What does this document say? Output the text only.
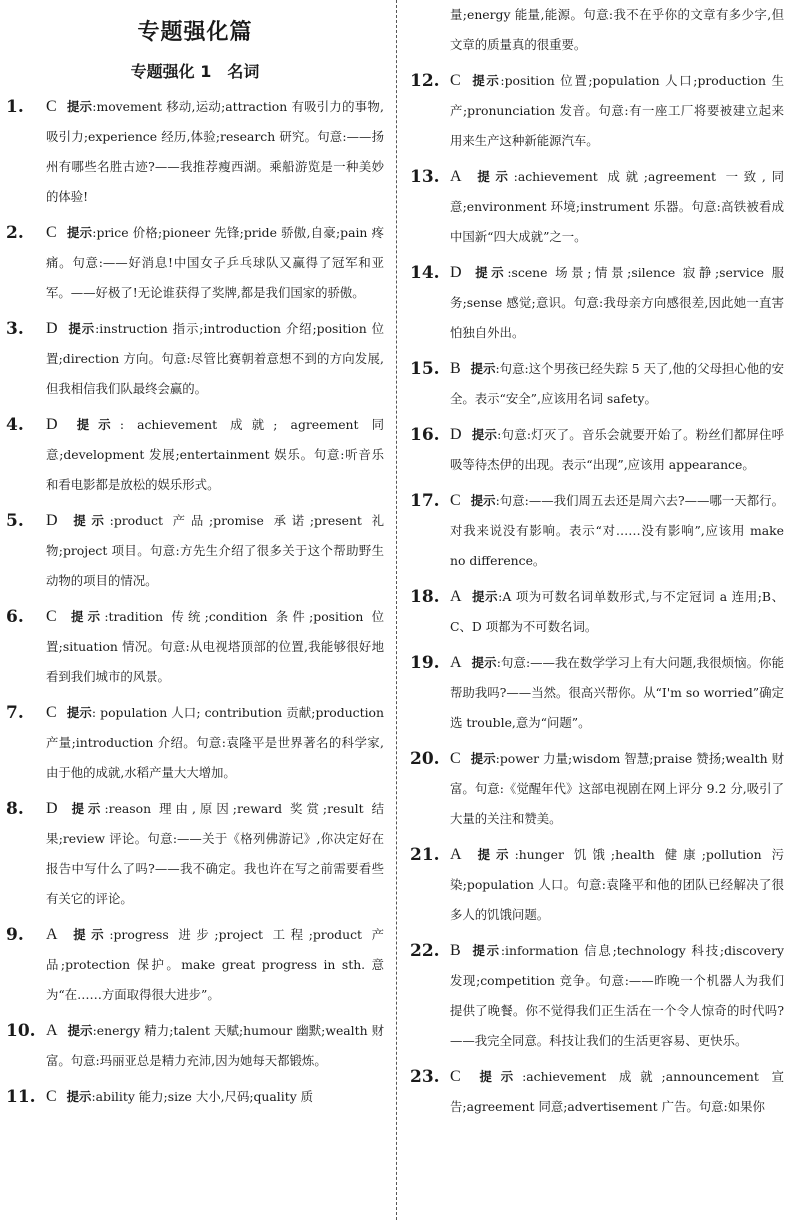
专题强化篇
专题强化 1 名词
1. C 提示:movement 移动,运动;attraction 有吸引力的事物,吸引力;experience 经历,体验;research 研究。句意:——扬州有哪些名胜古迹?——我推荐瘦西湖。乘船游览是一种美妙的体验!
2. C 提示:price 价格;pioneer 先锋;pride 骄傲,自豪;pain 疼痛。句意:——好消息!中国女子乒乓球队又赢得了冠军和亚军。——好极了!无论谁获得了奖牌,都是我们国家的骄傲。
3. D 提示:instruction 指示;introduction 介绍;position 位置;direction 方向。句意:尽管比赛朝着意想不到的方向发展,但我相信我们队最终会赢的。
4. D 提示: achievement 成就; agreement 同意;development 发展;entertainment 娱乐。句意:听音乐和看电影都是放松的娱乐形式。
5. D 提示:product 产品;promise 承诺;present 礼物;project 项目。句意:方先生介绍了很多关于这个帮助野生动物的项目的情况。
6. C 提示:tradition 传统;condition 条件;position 位置;situation 情况。句意:从电视塔顶部的位置,我能够很好地看到我们城市的风景。
7. C 提示: population 人口; contribution 贡献;production 产量;introduction 介绍。句意:袁隆平是世界著名的科学家,由于他的成就,水稻产量大大增加。
8. D 提示:reason 理由,原因;reward 奖赏;result 结果;review 评论。句意:——关于《格列佛游记》,你决定好在报告中写什么了吗?——我不确定。我也许在写之前需要看些有关它的评论。
9. A 提示:progress 进步;project 工程;product 产品;protection 保护。make great progress in sth. 意为“在……方面取得很大进步”。
10. A 提示:energy 精力;talent 天赋;humour 幽默;wealth 财富。句意:玛丽亚总是精力充沛,因为她每天都锻炼。
11. C 提示:ability 能力;size 大小,尺码;quality 质
量;energy 能量,能源。句意:我不在乎你的文章有多少字,但文章的质量真的很重要。
12. C 提示:position 位置;population 人口;production 生产;pronunciation 发音。句意:有一座工厂将要被建立起来用来生产这种新能源汽车。
13. A 提示:achievement 成就;agreement 一致,同意;environment 环境;instrument 乐器。句意:高铁被看成中国新“四大成就”之一。
14. D 提示:scene 场景;情景;silence 寂静;service 服务;sense 感觉;意识。句意:我母亲方向感很差,因此她一直害怕独自外出。
15. B 提示:句意:这个男孩已经失踪 5 天了,他的父母担心他的安全。表示“安全”,应该用名词 safety。
16. D 提示:句意:灯灭了。音乐会就要开始了。粉丝们都屏住呼吸等待杰伊的出现。表示“出现”,应该用 appearance。
17. C 提示:句意:——我们周五去还是周六去?——哪一天都行。对我来说没有影响。表示“对……没有影响”,应该用 make no difference。
18. A 提示:A 项为可数名词单数形式,与不定冠词 a 连用;B、C、D 项都为不可数名词。
19. A 提示:句意:——我在数学学习上有大问题,我很烦恼。你能帮助我吗?——当然。很高兴帮你。从“I'm so worried”确定选 trouble,意为“问题”。
20. C 提示:power 力量;wisdom 智慧;praise 赞扬;wealth 财富。句意:《觉醒年代》这部电视剧在网上评分 9.2 分,吸引了大量的关注和赞美。
21. A 提示:hunger 饥饿;health 健康;pollution 污染;population 人口。句意:袁隆平和他的团队已经解决了很多人的饥饿问题。
22. B 提示:information 信息;technology 科技;discovery 发现;competition 竞争。句意:——昨晚一个机器人为我们提供了晚餐。你不觉得我们正生活在一个令人惊奇的时代吗?——我完全同意。科技让我们的生活更容易、更快乐。
23. C 提示:achievement 成就;announcement 宣告;agreement 同意;advertisement 广告。句意:如果你
